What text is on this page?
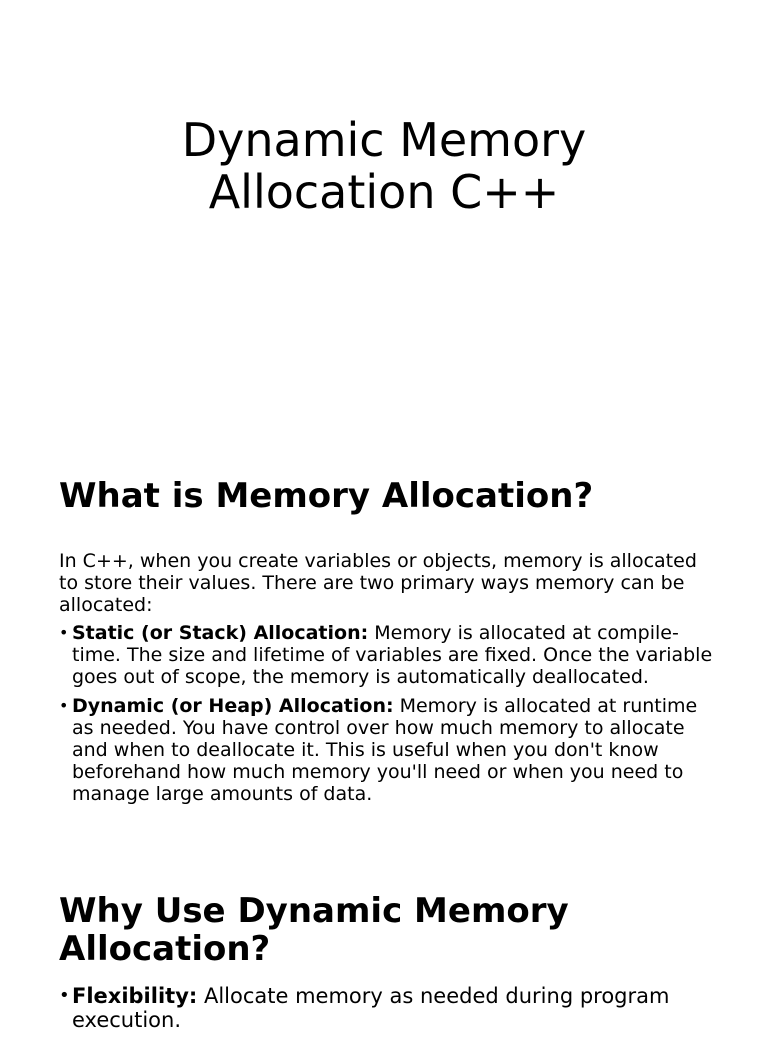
Dynamic Memory
Allocation C++
What is Memory Allocation?

In C++, when you create variables or objects, memory is allocated to store their values. There are two primary ways memory can be allocated:

• Static (or Stack) Allocation: Memory is allocated at compile-time. The size and lifetime of variables are fixed. Once the variable goes out of scope, the memory is automatically deallocated.
• Dynamic (or Heap) Allocation: Memory is allocated at runtime as needed. You have control over how much memory to allocate and when to deallocate it. This is useful when you don't know beforehand how much memory you'll need or when you need to manage large amounts of data.
Why Use Dynamic Memory Allocation?
• Flexibility: Allocate memory as needed during program execution.
